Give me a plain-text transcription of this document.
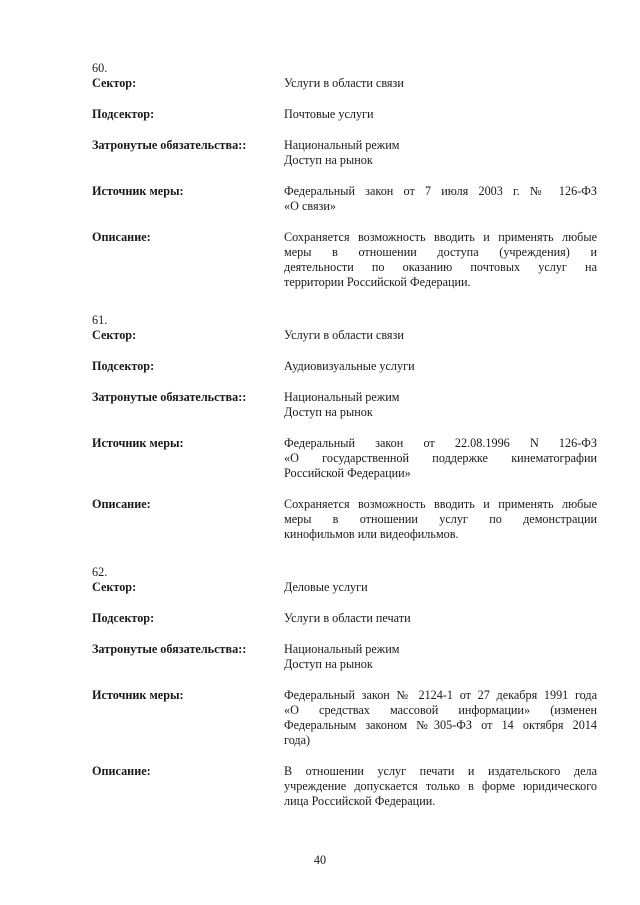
60.
Сектор:	Услуги в области связи
Подсектор:	Почтовые услуги
Затронутые обязательства::	Национальный режим
Доступ на рынок
Источник меры:	Федеральный закон от 7 июля 2003 г. № 126-ФЗ
«О связи»
Описание:	Сохраняется возможность вводить и применять любые
меры в отношении доступа (учреждения) и
деятельности по оказанию почтовых услуг на
территории Российской Федерации.
61.
Сектор:	Услуги в области связи
Подсектор:	Аудиовизуальные услуги
Затронутые обязательства::	Национальный режим
Доступ на рынок
Источник меры:	Федеральный закон от 22.08.1996 N 126-ФЗ
«О государственной поддержке кинематографии
Российской Федерации»
Описание:	Сохраняется возможность вводить и применять любые
меры в отношении услуг по демонстрации
кинофильмов или видеофильмов.
62.
Сектор:	Деловые услуги
Подсектор:	Услуги в области печати
Затронутые обязательства::	Национальный режим
Доступ на рынок
Источник меры:	Федеральный закон № 2124-1 от 27 декабря 1991 года
«О средствах массовой информации» (изменен
Федеральным законом №305-ФЗ от 14 октября 2014
года)
Описание:	В отношении услуг печати и издательского дела
учреждение допускается только в форме юридического
лица Российской Федерации.
40
